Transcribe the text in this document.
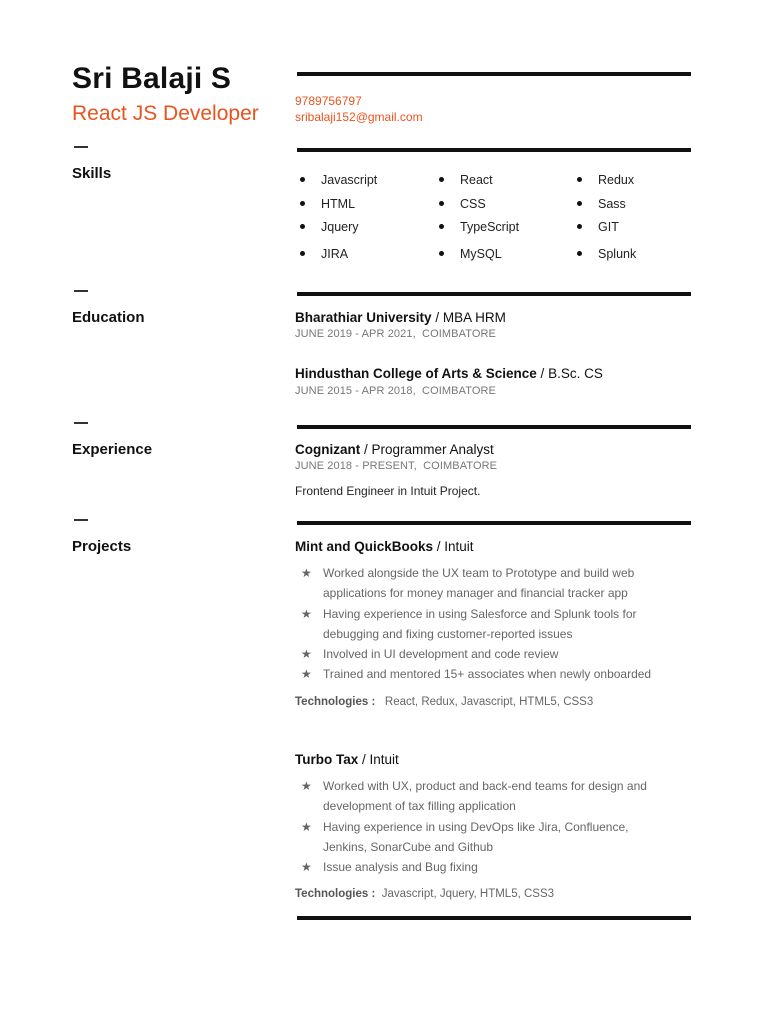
Sri Balaji S
React JS Developer
9789756797
sribalaji152@gmail.com
Skills	Javascript	React	Redux
HTML	CSS	Sass
Jquery	TypeScript	GIT
JIRA	MySQL	Splunk
Education	Bharathiar University / MBA HRM
JUNE 2019 - APR 2021, COIMBATORE
Hindusthan College of Arts & Science / B.Sc. CS
JUNE 2015 - APR 2018, COIMBATORE
Experience	Cognizant / Programmer Analyst
JUNE 2018 - PRESENT, COIMBATORE
Frontend Engineer in Intuit Project.
Projects	Mint and QuickBooks / Intuit
★ Worked alongside the UX team to Prototype and build web applications for money manager and financial tracker app
★ Having experience in using Salesforce and Splunk tools for debugging and fixing customer-reported issues
★ Involved in UI development and code review
★ Trained and mentored 15+ associates when newly onboarded
Technologies : React, Redux, Javascript, HTML5, CSS3
Turbo Tax / Intuit
★ Worked with UX, product and back-end teams for design and development of tax filling application
★ Having experience in using DevOps like Jira, Confluence, Jenkins, SonarCube and Github
★ Issue analysis and Bug fixing
Technologies : Javascript, Jquery, HTML5, CSS3
